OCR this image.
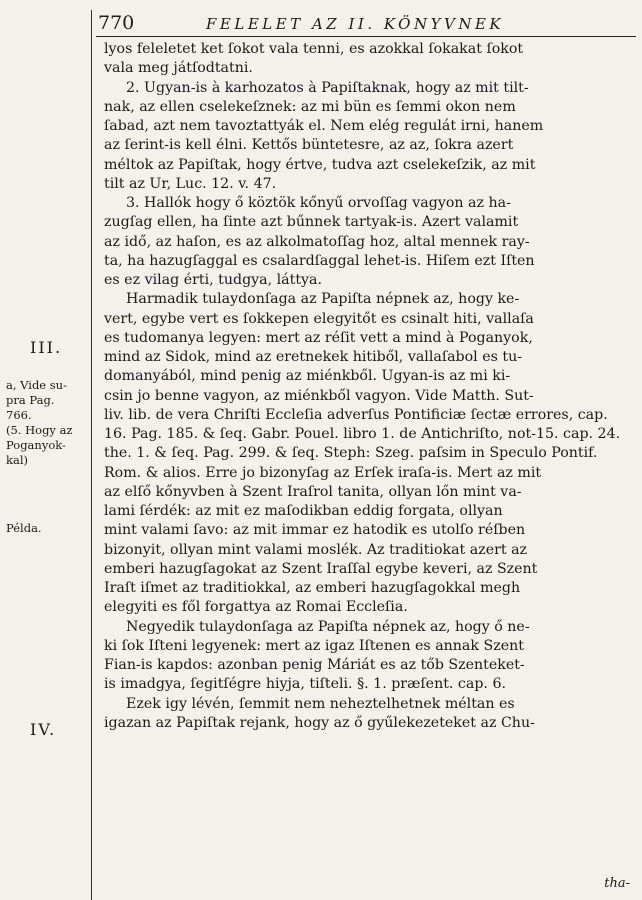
770	FELELET AZ II. KÖNYVNEK
III.
a, Vide su-
pra Pag.
766.
(5. Hogy az
Poganyok-
kal)
Példa.
IV.
lyos feleletet ket ſokot vala tenni, es azokkal ſokakat ſokot
vala meg játſodtatni.
2. Ugyan-is à karhozatos à Papiſtaknak, hogy az mit tilt-
nak, az ellen cselekeſznek: az mi bün es ſemmi okon nem
ſabad, azt nem tavoztattyák el. Nem elég regulát irni, hanem
az ſerint-is kell élni. Kettős büntetesre, az az, ſokra azert
méltok az Papiſtak, hogy értve, tudva azt cselekeſzik, az mit
tilt az Ur, Luc. 12. v. 47.
3. Hallók hogy ő köztök kőnyű orvoſſag vagyon az ha-
zugſag ellen, ha ſinte azt bűnnek tartyak-is. Azert valamit
az idő, az haſon, es az alkolmatoſſag hoz, altal mennek ray-
ta, ha hazugſaggal es csalardſaggal lehet-is. Hiſem ezt Iſten
es ez vilag érti, tudgya, láttya.
Harmadik tulaydonſaga az Papiſta népnek az, hogy ke-
vert, egybe vert es ſokkepen elegyitőt es csinalt hiti, vallaſa
es tudomanya legyen: mert az réſit vett a mind à Poganyok,
mind az Sidok, mind az eretnekek hitiből, vallaſabol es tu-
domanyából, mind penig az miénkből. Ugyan-is az mi ki-
csin jo benne vagyon, az miénkből vagyon. Vide Matth. Sut-
liv. lib. de vera Chriſti Eccleſia adverſus Pontificiæ ſectæ errores, cap.
16. Pag. 185. & ſeq. Gabr. Pouel. libro 1. de Antichriſto, not-15. cap. 24.
the. 1. & ſeq. Pag. 299. & ſeq. Steph: Szeg. paſsim in Speculo Pontif.
Rom. & alios. Erre jo bizonyſag az Erſek iraſa-is. Mert az mit
az elſő kőnyvben à Szent Iraſrol tanita, ollyan lőn mint va-
lami ſérdék: az mit ez maſodikban eddig forgata, ollyan
mint valami ſavo: az mit immar ez hatodik es utolſo réſben
bizonyit, ollyan mint valami moslék. Az traditiokat azert az
emberi hazugſagokat az Szent Iraſſal egybe keveri, az Szent
Iraſt iſmet az traditiokkal, az emberi hazugſagokkal megh
elegyiti es fől forgattya az Romai Eccleſia.
Negyedik tulaydonſaga az Papiſta népnek az, hogy ő ne-
ki ſok Iſteni legyenek: mert az igaz Iſtenen es annak Szent
Fian-is kapdos: azonban penig Máriát es az tőb Szenteket-
is imadgya, ſegitſégre hiyja, tiſteli. §. 1. præſent. cap. 6.
Ezek igy lévén, ſemmit nem neheztelhetnek méltan es
igazan az Papiſtak rejank, hogy az ő gyűlekezeteket az Chu-
tha-
